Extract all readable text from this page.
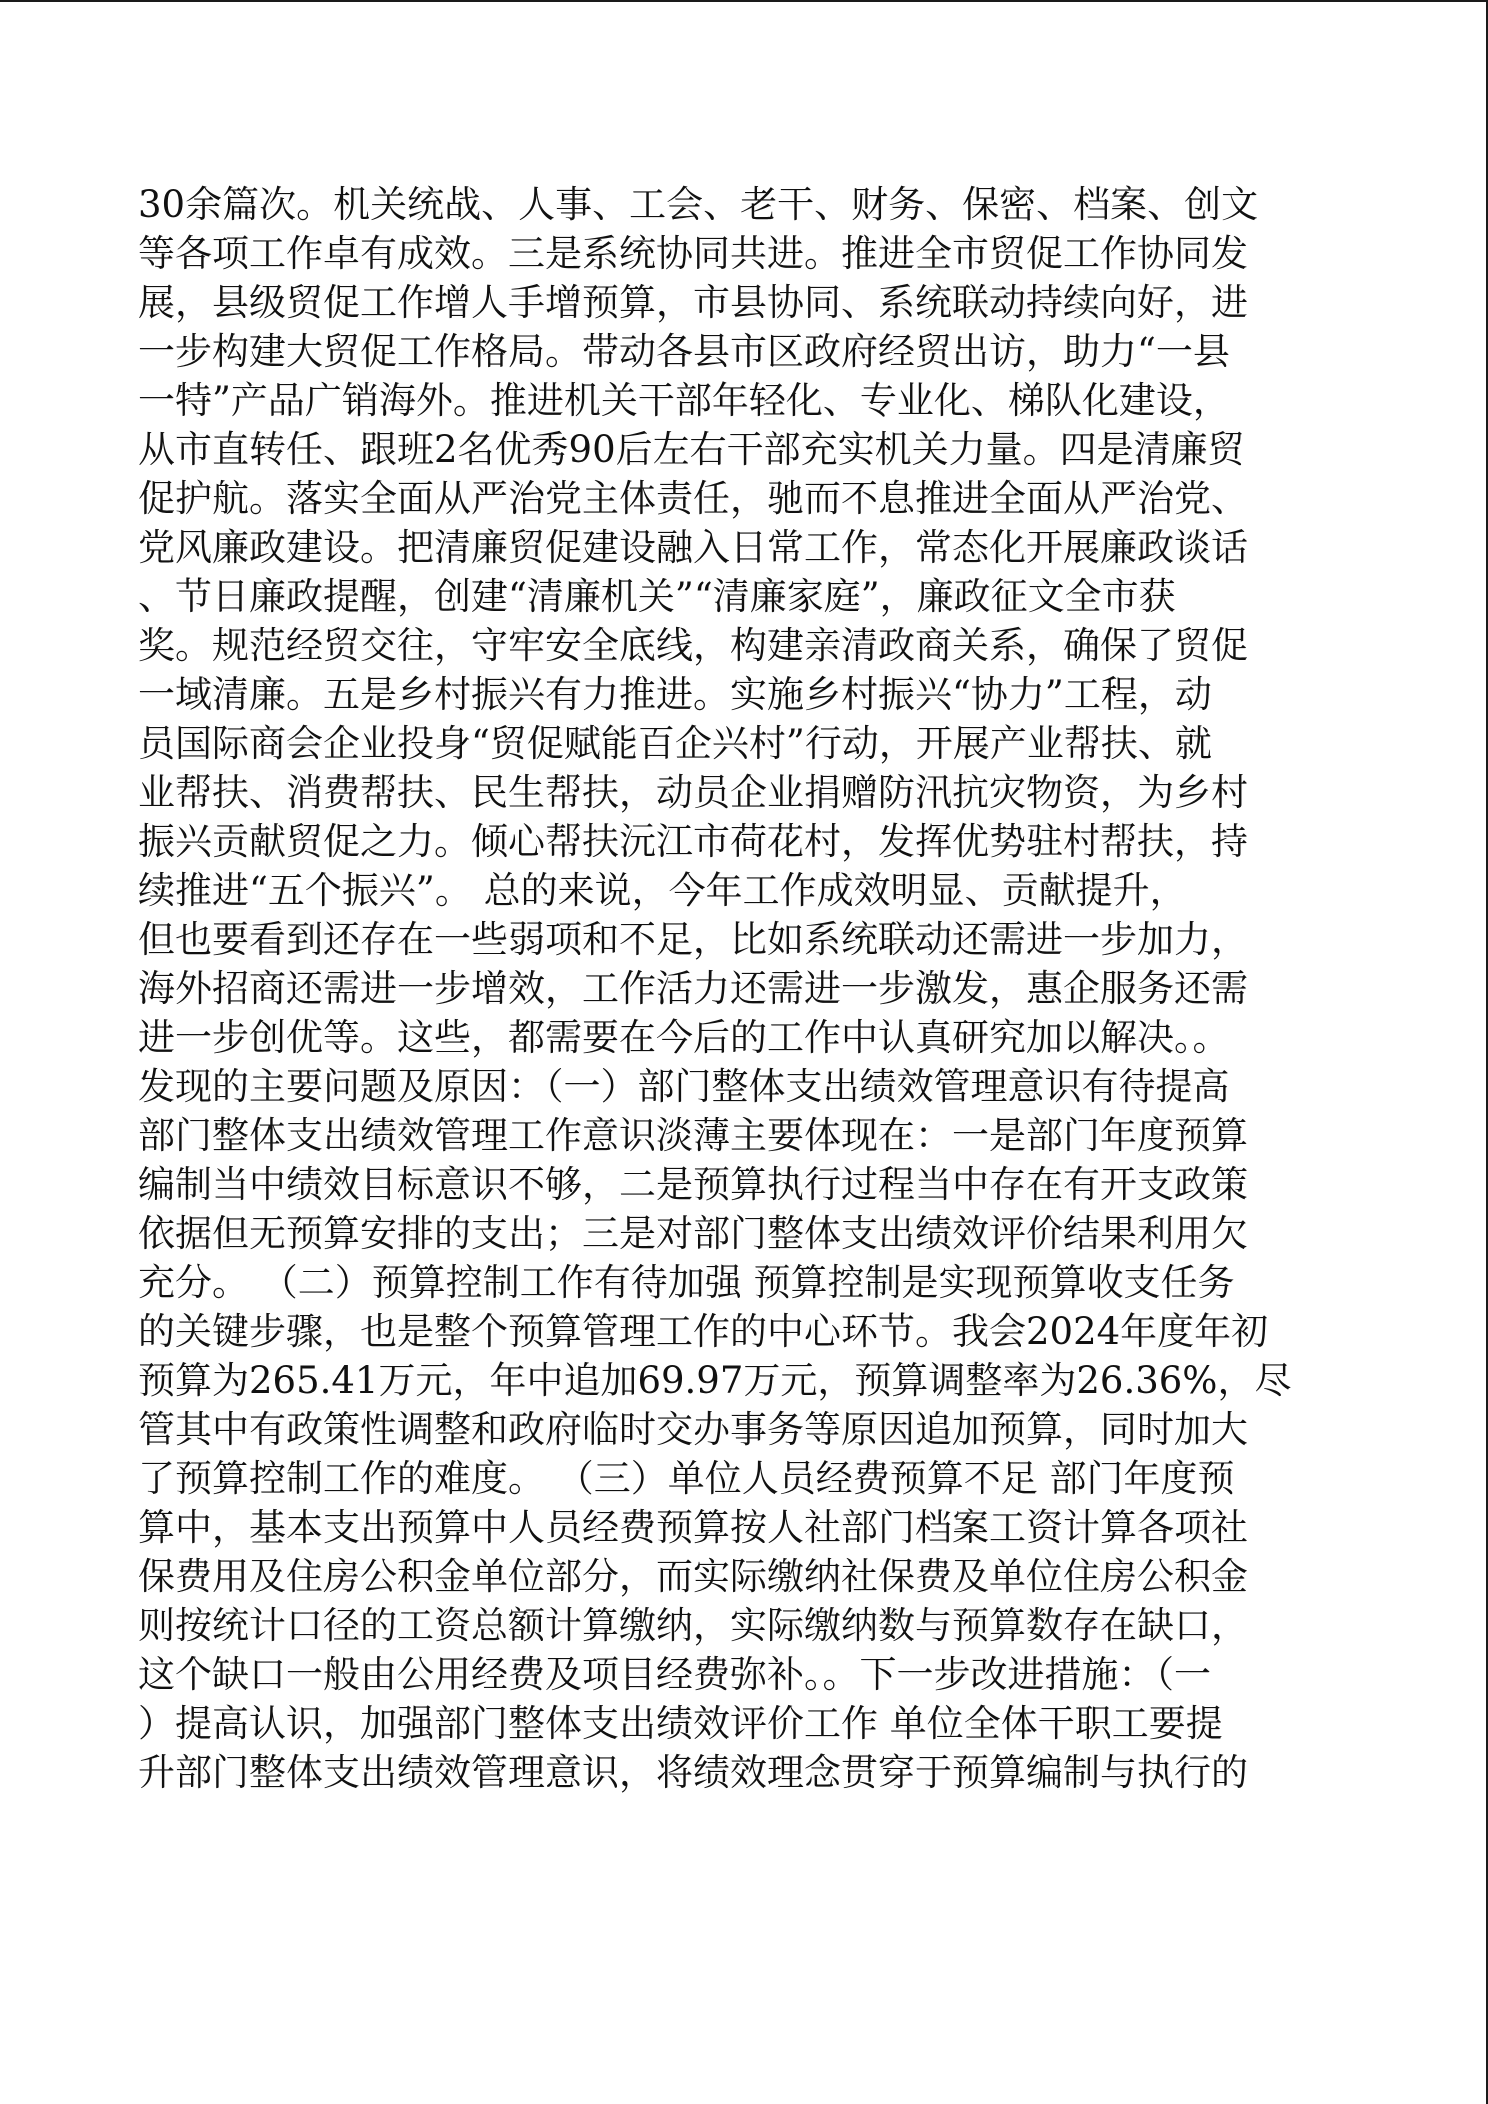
30余篇次。机关统战、人事、工会、老干、财务、保密、档案、创文
等各项工作卓有成效。三是系统协同共进。推进全市贸促工作协同发
展，县级贸促工作增人手增预算，市县协同、系统联动持续向好，进
一步构建大贸促工作格局。带动各县市区政府经贸出访，助力“一县
一特”产品广销海外。推进机关干部年轻化、专业化、梯队化建设，
从市直转任、跟班2名优秀90后左右干部充实机关力量。四是清廉贸
促护航。落实全面从严治党主体责任，驰而不息推进全面从严治党、
党风廉政建设。把清廉贸促建设融入日常工作，常态化开展廉政谈话
、节日廉政提醒，创建“清廉机关”“清廉家庭”，廉政征文全市获
奖。规范经贸交往，守牢安全底线，构建亲清政商关系，确保了贸促
一域清廉。五是乡村振兴有力推进。实施乡村振兴“协力”工程，动
员国际商会企业投身“贸促赋能百企兴村”行动，开展产业帮扶、就
业帮扶、消费帮扶、民生帮扶，动员企业捐赠防汛抗灾物资，为乡村
振兴贡献贸促之力。倾心帮扶沅江市荷花村，发挥优势驻村帮扶，持
续推进“五个振兴”。 总的来说，今年工作成效明显、贡献提升，
但也要看到还存在一些弱项和不足，比如系统联动还需进一步加力，
海外招商还需进一步增效，工作活力还需进一步激发，惠企服务还需
进一步创优等。这些，都需要在今后的工作中认真研究加以解决。。
发现的主要问题及原因：（一）部门整体支出绩效管理意识有待提高
部门整体支出绩效管理工作意识淡薄主要体现在：一是部门年度预算
编制当中绩效目标意识不够，二是预算执行过程当中存在有开支政策
依据但无预算安排的支出；三是对部门整体支出绩效评价结果利用欠
充分。 （二）预算控制工作有待加强 预算控制是实现预算收支任务
的关键步骤，也是整个预算管理工作的中心环节。我会2024年度年初
预算为265.41万元，年中追加69.97万元，预算调整率为26.36%，尽
管其中有政策性调整和政府临时交办事务等原因追加预算，同时加大
了预算控制工作的难度。 （三）单位人员经费预算不足 部门年度预
算中，基本支出预算中人员经费预算按人社部门档案工资计算各项社
保费用及住房公积金单位部分，而实际缴纳社保费及单位住房公积金
则按统计口径的工资总额计算缴纳，实际缴纳数与预算数存在缺口，
这个缺口一般由公用经费及项目经费弥补。。下一步改进措施：（一
）提高认识，加强部门整体支出绩效评价工作 单位全体干职工要提
升部门整体支出绩效管理意识，将绩效理念贯穿于预算编制与执行的
